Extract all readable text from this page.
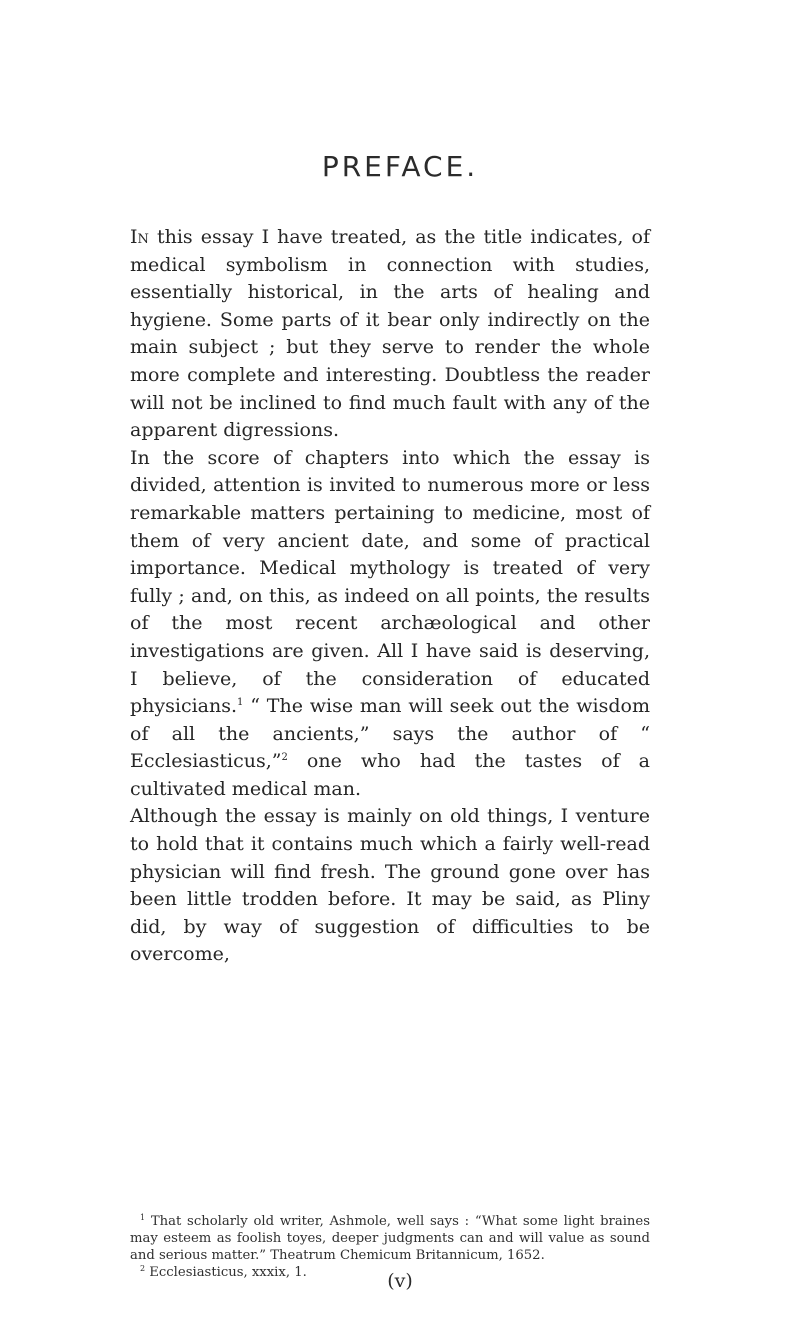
PREFACE.

In this essay I have treated, as the title indicates, of medical symbolism in connection with studies, essentially historical, in the arts of healing and hygiene. Some parts of it bear only indirectly on the main subject ; but they serve to render the whole more complete and interesting. Doubtless the reader will not be inclined to find much fault with any of the apparent digressions.

In the score of chapters into which the essay is divided, attention is invited to numerous more or less remarkable matters pertaining to medicine, most of them of very ancient date, and some of practical importance. Medical mythology is treated of very fully ; and, on this, as indeed on all points, the results of the most recent archæological and other investigations are given. All I have said is deserving, I believe, of the consideration of educated physicians.$^1$ “ The wise man will seek out the wisdom of all the ancients,” says the author of “ Ecclesiasticus,”$^2$ one who had the tastes of a cultivated medical man.

Although the essay is mainly on old things, I venture to hold that it contains much which a fairly well-read physician will find fresh. The ground gone over has been little trodden before. It may be said, as Pliny did, by way of suggestion of difficulties to be overcome,

$^1$ That scholarly old writer, Ashmole, well says : “What some light braines may esteem as foolish toyes, deeper judgments can and will value as sound and serious matter.” Theatrum Chemicum Britannicum, 1652.

$^2$ Ecclesiasticus, xxxix, 1.	(v)
